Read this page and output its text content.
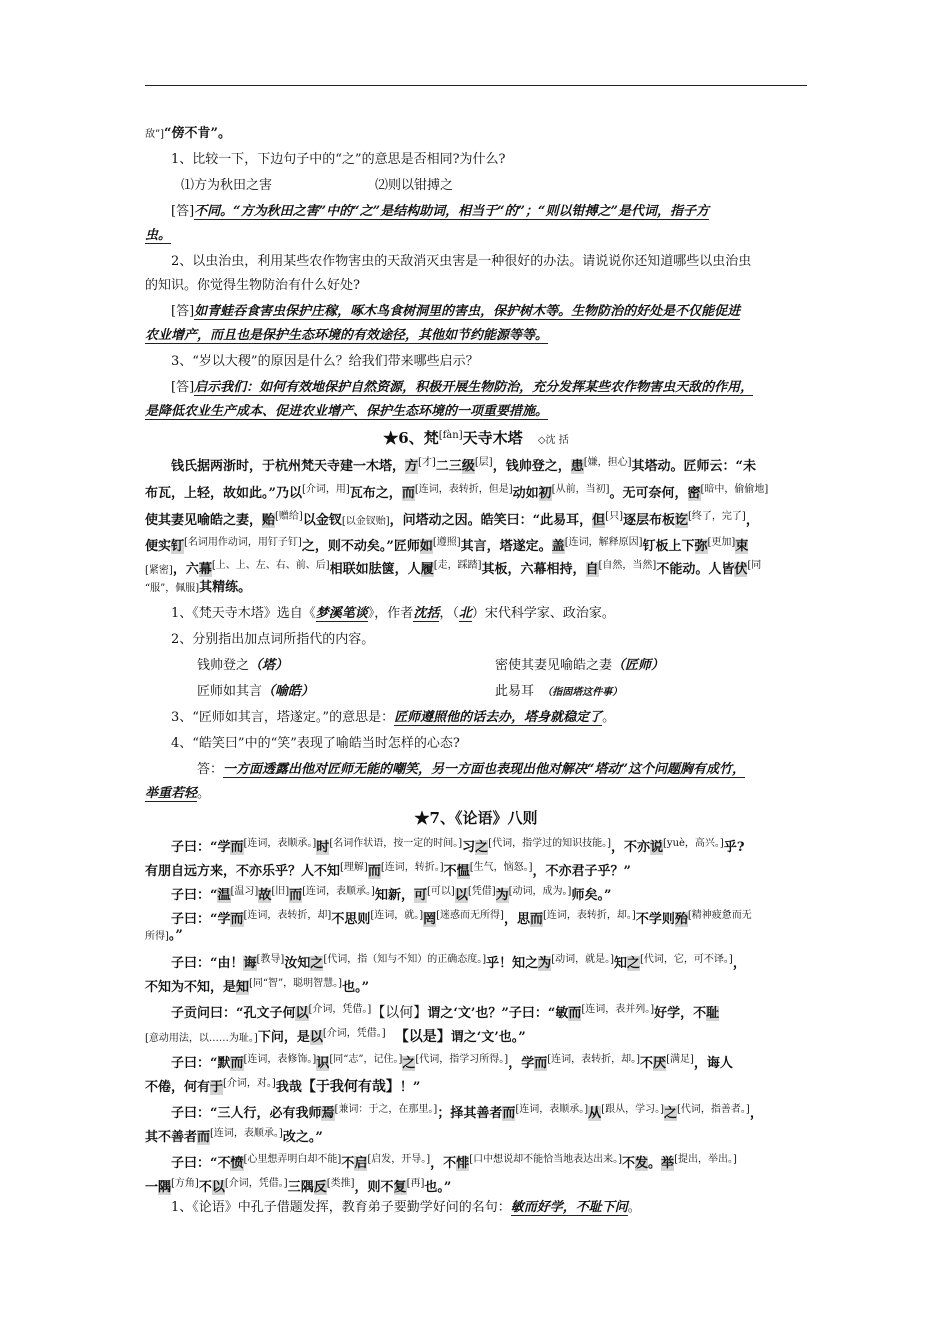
敌”]“傍不肯”。
1、比较一下，下边句子中的“之”的意思是否相同?为什么?
⑴方为秋田之害	⑵则以钳搏之
[答]不同。“方为秋田之害”中的“之”是结构助词，相当于“的”；“则以钳搏之”是代词，指子方
虫。
2、以虫治虫，利用某些农作物害虫的天敌消灭虫害是一种很好的办法。请说说你还知道哪些以虫治虫
的知识。你觉得生物防治有什么好处?
[答]如青蛙吞食害虫保护庄稼，啄木鸟食树洞里的害虫，保护树木等。生物防治的好处是不仅能促进
农业增产，而且也是保护生态环境的有效途径，其他如节约能源等等。
3、“岁以大稷”的原因是什么？给我们带来哪些启示？
[答]启示我们：如何有效地保护自然资源，积极开展生物防治，充分发挥某些农作物害虫天敌的作用，
是降低农业生产成本、促进农业增产、保护生态环境的一项重要措施。
★6、梵[fàn]天寺木塔 ◇沈 括
钱氏据两浙时，于杭州梵天寺建一木塔，方[才]二三级[层]，钱帅登之，患[嫌，担心]其塔动。匠师云：“未
布瓦，上轻，故如此。”乃以[介词，用]瓦布之，而[连词，表转折，但是]动如初[从前，当初]。无可奈何，密[暗中，偷偷地]
使其妻见喻皓之妻，贻[赠给]以金钗[以金钗贻]，问塔动之因。皓笑曰：“此易耳，但[只]逐层布板讫[终了，完了]，
便实钉[名词用作动词，用钉子钉]之，则不动矣。”匠师如[遵照]其言，塔遂定。盖[连词，解释原因]钉板上下弥[更加]束
[紧密]，六幕[上、上、左、右、前、后]相联如胠箧，人履[走，踩踏]其板，六幕相持，自[自然，当然]不能动。人皆伏$^{[同}$
“服”，佩服]其精练。
1、《梵天寺木塔》选自《梦溪笔谈》，作者沈括，（北）宋代科学家、政治家。
2、分别指出加点词所指代的内容。
钱帅登之（塔）	密使其妻见喻皓之妻（匠师）
匠师如其言（喻皓）	此易耳 （指固塔这件事）
3、“匠师如其言，塔遂定。”的意思是：匠师遵照他的话去办，塔身就稳定了。
4、“皓笑曰”中的“笑”表现了喻皓当时怎样的心态?
答：一方面透露出他对匠师无能的嘲笑，另一方面也表现出他对解决“塔动”这个问题胸有成竹，
举重若轻。
★7、《论语》八则
子曰：“学而[连词，表顺承。]时[名词作状语，按一定的时间。]习之[代词，指学过的知识技能。]，不亦说[yuè，高兴。]乎?
有朋自远方来，不亦乐乎？人不知[理解]而[连词，转折。]不愠[生气，恼怒。]，不亦君子乎？”
子曰：“温[温习]故[旧]而[连词，表顺承。]知新，可[可以]以[凭借]为[动词，成为。]师矣。”
子曰：“学而[连词，表转折，却]不思则[连词，就。]罔[迷惑而无所得]，思而[连词，表转折，却。]不学则殆$^{[精神疲惫而无}$
所得]。”
子曰：“由！诲[教导]汝知之[代词，指（知与不知）的正确态度。]乎！知之为[动词，就是。]知之[代词，它，可不译。]，
不知为不知，是知[同“智”，聪明智慧。]也。”
子贡问曰：“孔文子何以[介词，凭借。]【以何】谓之‘文’也？”子曰：“敏而[连词，表并列。]好学，不耻
[意动用法，以……为耻。]下问，是以[介词，凭借。] 【以是】谓之‘文’也。”
子曰：“默而[连词，表修饰。]识[同“志”，记住。]之[代词，指学习所得。]，学而[连词，表转折，却。]不厌[满足]，诲人
不倦，何有于[介词，对。]我哉【于我何有哉】！”
子曰：“三人行，必有我师焉[兼词：于之，在那里。]；择其善者而[连词，表顺承。]从[跟从，学习。]之[代词，指善者。]，
其不善者而[连词，表顺承。]改之。”
子曰：“不愤[心里想弄明白却不能]不启[启发，开导。]，不悱[口中想说却不能恰当地表达出来。]不发。举[提出，举出。]
一隅[方角]不以[介词，凭借。]三隅反[类推]，则不复[再]也。”
1、《论语》中孔子借题发挥，教育弟子要勤学好问的名句：敏而好学，不耻下问。
